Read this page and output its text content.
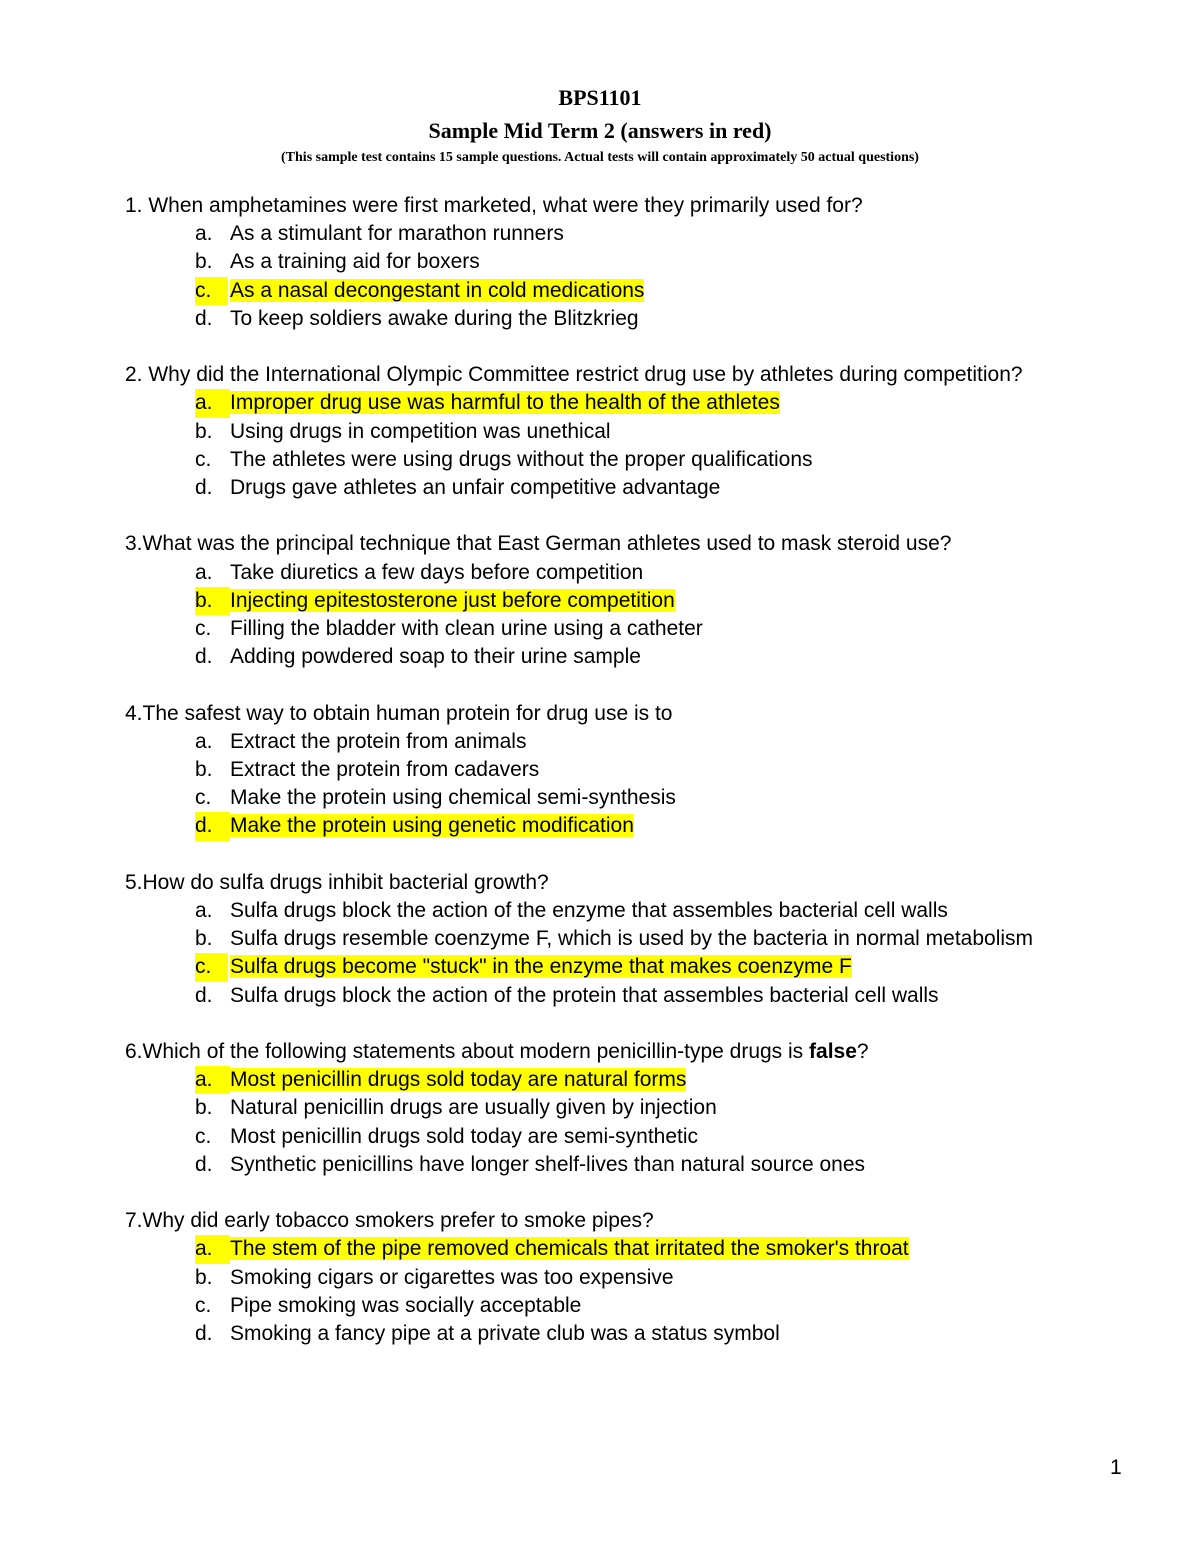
BPS1101
Sample Mid Term 2 (answers in red)
(This sample test contains 15 sample questions. Actual tests will contain approximately 50 actual questions)
1. When amphetamines were first marketed, what were they primarily used for?
a. As a stimulant for marathon runners
b. As a training aid for boxers
c. As a nasal decongestant in cold medications
d. To keep soldiers awake during the Blitzkrieg
2. Why did the International Olympic Committee restrict drug use by athletes during competition?
a. Improper drug use was harmful to the health of the athletes
b. Using drugs in competition was unethical
c. The athletes were using drugs without the proper qualifications
d. Drugs gave athletes an unfair competitive advantage
3.What was the principal technique that East German athletes used to mask steroid use?
a. Take diuretics a few days before competition
b. Injecting epitestosterone just before competition
c. Filling the bladder with clean urine using a catheter
d. Adding powdered soap to their urine sample
4.The safest way to obtain human protein for drug use is to
a. Extract the protein from animals
b. Extract the protein from cadavers
c. Make the protein using chemical semi-synthesis
d. Make the protein using genetic modification
5.How do sulfa drugs inhibit bacterial growth?
a. Sulfa drugs block the action of the enzyme that assembles bacterial cell walls
b. Sulfa drugs resemble coenzyme F, which is used by the bacteria in normal metabolism
c. Sulfa drugs become "stuck" in the enzyme that makes coenzyme F
d. Sulfa drugs block the action of the protein that assembles bacterial cell walls
6.Which of the following statements about modern penicillin-type drugs is false?
a. Most penicillin drugs sold today are natural forms
b. Natural penicillin drugs are usually given by injection
c. Most penicillin drugs sold today are semi-synthetic
d. Synthetic penicillins have longer shelf-lives than natural source ones
7.Why did early tobacco smokers prefer to smoke pipes?
a. The stem of the pipe removed chemicals that irritated the smoker's throat
b. Smoking cigars or cigarettes was too expensive
c. Pipe smoking was socially acceptable
d. Smoking a fancy pipe at a private club was a status symbol
1
